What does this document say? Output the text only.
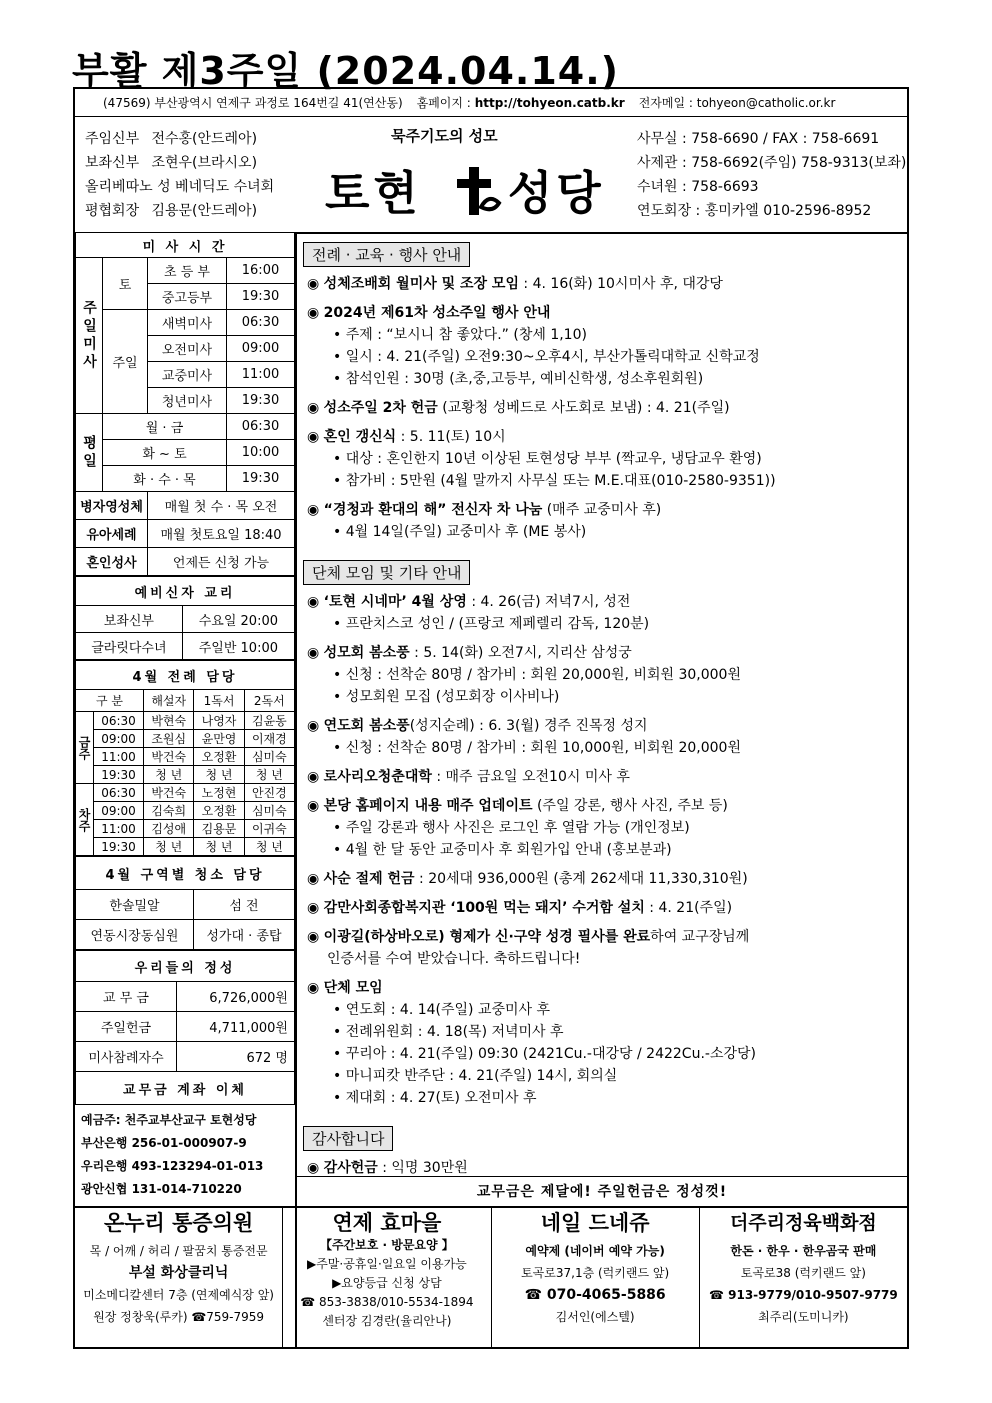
부활 제3주일 (2024.04.14.)
(47569) 부산광역시 연제구 과정로 164번길 41(연산동) 홈페이지 : http://tohyeon.catb.kr 전자메일 : tohyeon@catholic.or.kr
주임신부 전수홍(안드레아)
보좌신부 조현우(브라시오)
올리베따노 성 베네딕도 수녀회
평협회장 김용문(안드레아)
묵주기도의 성모
토현 성당
사무실 : 758-6690 / FAX : 758-6691
사제관 : 758-6692(주임) 758-9313(보좌)
수녀원 : 758-6693
연도회장 : 홍미카엘 010-2596-8952
미 사 시 간			
주일미사	토	초 등 부	16:00
		중고등부	19:30
	주일	새벽미사	06:30
		오전미사	09:00
		교중미사	11:00
		청년미사	19:30
평일	월 · 금		06:30
	화 ~ 토		10:00
	화 · 수 · 목		19:30
병자영성체		매월 첫 수 · 목 오전	
유아세례		매월 첫토요일 18:40	
혼인성사		언제든 신청 가능	
예비신자 교리	
보좌신부	수요일 20:00
글라릿다수녀	주일반 10:00
4월 전례 담당				
구 분		해설자	1독서	2독서
금주	06:30	박현숙	나영자	김윤동
	09:00	조원심	윤만영	이재경
	11:00	박건숙	오정환	심미숙
	19:30	청 년	청 년	청 년
차주	06:30	박건숙	노정현	안진경
	09:00	김숙희	오정환	심미숙
	11:00	김성애	김용문	이귀숙
	19:30	청 년	청 년	청 년
4월 구역별 청소 담당	
한솔밀알	섬 전
연동시장동심원	성가대 · 종탑
우리들의 정성	
교 무 금	6,726,000원
주일헌금	4,711,000원
미사참례자수	672 명
교무금 계좌 이체	
예금주: 천주교부산교구 토현성당
부산은행 256-01-000907-9
우리은행 493-123294-01-013
광안신협 131-014-710220
전례 · 교육 · 행사 안내
◉ 성체조배회 월미사 및 조장 모임 : 4. 16(화) 10시미사 후, 대강당
◉ 2024년 제61차 성소주일 행사 안내
• 주제 : “보시니 참 좋았다.” (창세 1,10)
• 일시 : 4. 21(주일) 오전9:30~오후4시, 부산가톨릭대학교 신학교정
• 참석인원 : 30명 (초,중,고등부, 예비신학생, 성소후원회원)
◉ 성소주일 2차 헌금 (교황청 성베드로 사도회로 보냄) : 4. 21(주일)
◉ 혼인 갱신식 : 5. 11(토) 10시
• 대상 : 혼인한지 10년 이상된 토현성당 부부 (짝교우, 냉담교우 환영)
• 참가비 : 5만원 (4월 말까지 사무실 또는 M.E.대표(010-2580-9351))
◉ “경청과 환대의 해” 전신자 차 나눔 (매주 교중미사 후)
• 4월 14일(주일) 교중미사 후 (ME 봉사)
단체 모임 및 기타 안내
◉ ‘토현 시네마’ 4월 상영 : 4. 26(금) 저녁7시, 성전
• 프란치스코 성인 / (프랑코 제페렐리 감독, 120분)
◉ 성모회 봄소풍 : 5. 14(화) 오전7시, 지리산 삼성궁
• 신청 : 선착순 80명 / 참가비 : 회원 20,000원, 비회원 30,000원
• 성모회원 모집 (성모회장 이사비나)
◉ 연도회 봄소풍(성지순례) : 6. 3(월) 경주 진목정 성지
• 신청 : 선착순 80명 / 참가비 : 회원 10,000원, 비회원 20,000원
◉ 로사리오청춘대학 : 매주 금요일 오전10시 미사 후
◉ 본당 홈페이지 내용 매주 업데이트 (주일 강론, 행사 사진, 주보 등)
• 주일 강론과 행사 사진은 로그인 후 열람 가능 (개인정보)
• 4월 한 달 동안 교중미사 후 회원가입 안내 (홍보분과)
◉ 사순 절제 헌금 : 20세대 936,000원 (총계 262세대 11,330,310원)
◉ 감만사회종합복지관 ‘100원 먹는 돼지’ 수거함 설치 : 4. 21(주일)
◉ 이광길(하상바오로) 형제가 신·구약 성경 필사를 완료하여 교구장님께
인증서를 수여 받았습니다. 축하드립니다!
◉ 단체 모임
• 연도회 : 4. 14(주일) 교중미사 후
• 전례위원회 : 4. 18(목) 저녁미사 후
• 꾸리아 : 4. 21(주일) 09:30 (2421Cu.-대강당 / 2422Cu.-소강당)
• 마니피캇 반주단 : 4. 21(주일) 14시, 회의실
• 제대회 : 4. 27(토) 오전미사 후
감사합니다
◉ 감사헌금 : 익명 30만원
교무금은 제달에! 주일헌금은 정성껏!
온누리 통증의원
목 / 어깨 / 허리 / 팔꿈치 통증전문
부설 화상클리닉
미소메디칼센터 7층 (연제예식장 앞)
원장 정창욱(루카) ☎759-7959
연제 효마을
【주간보호 · 방문요양 】
▶주말·공휴일·일요일 이용가능
▶요양등급 신청 상담
☎ 853-3838/010-5534-1894
센터장 김경란(율리안나)
네일 드네쥬
예약제 (네이버 예약 가능)
토곡로37,1층 (럭키랜드 앞)
☎ 070-4065-5886
김서인(에스텔)
더주리정육백화점
한돈 · 한우 · 한우곰국 판매
토곡로38 (럭키랜드 앞)
☎ 913-9779/010-9507-9779
최주리(도미니카)
